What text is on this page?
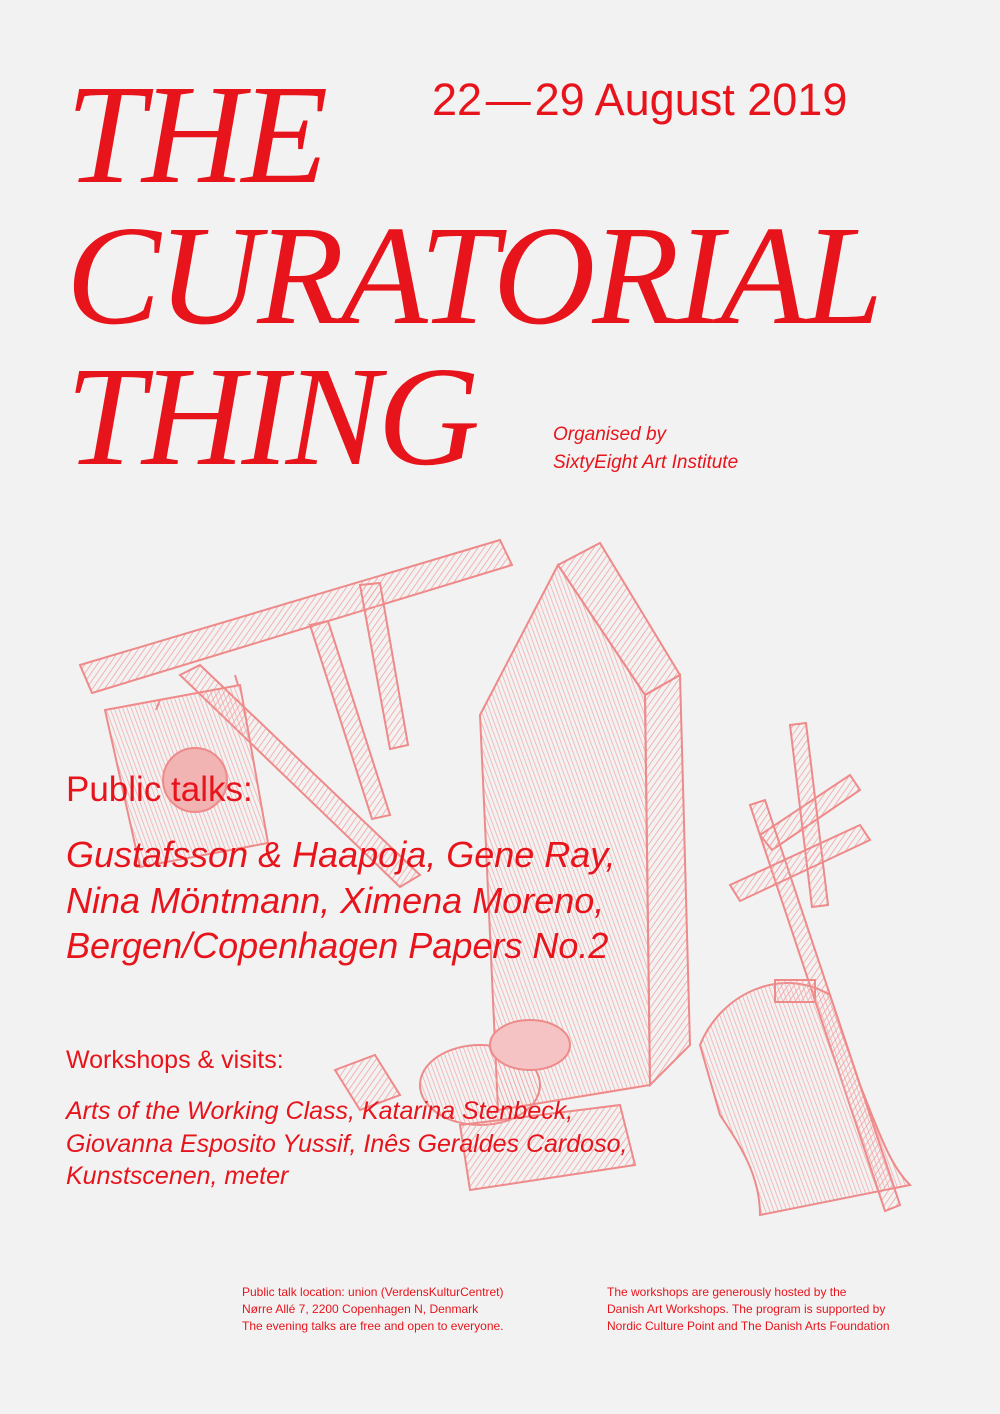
THE
CURATORIAL
THING
22 — 29 August 2019
Organised by
SixtyEight Art Institute
Public talks:
Gustafsson & Haapoja, Gene Ray,
Nina Möntmann, Ximena Moreno,
Bergen/Copenhagen Papers No.2
Workshops & visits:
Arts of the Working Class, Katarina Stenbeck,
Giovanna Esposito Yussif, Inês Geraldes Cardoso,
Kunstscenen, meter
Public talk location: union (VerdensKulturCentret)
Nørre Allé 7, 2200 Copenhagen N, Denmark
The evening talks are free and open to everyone.
The workshops are generously hosted by the
Danish Art Workshops. The program is supported by
Nordic Culture Point and The Danish Arts Foundation
